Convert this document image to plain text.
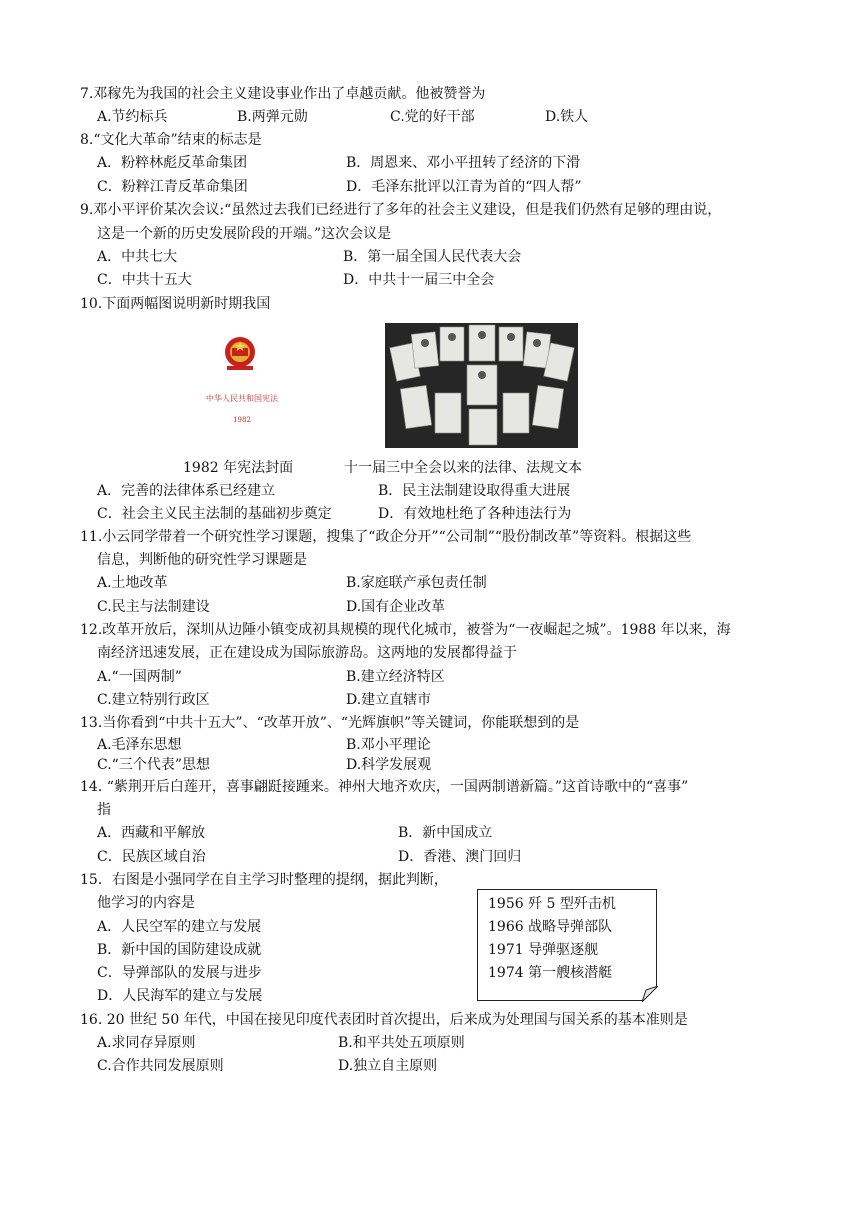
7.邓稼先为我国的社会主义建设事业作出了卓越贡献。他被赞誉为
A.节约标兵	B.两弹元勋	C.党的好干部	D.铁人
8.“文化大革命”结束的标志是
A．粉粹林彪反革命集团	B．周恩来、邓小平扭转了经济的下滑
C．粉粹江青反革命集团	D．毛泽东批评以江青为首的“四人帮”
9.邓小平评价某次会议:“虽然过去我们已经进行了多年的社会主义建设，但是我们仍然有足够的理由说，
这是一个新的历史发展阶段的开端。”这次会议是
A．中共七大	B．第一届全国人民代表大会
C．中共十五大	D．中共十一届三中全会
10.下面两幅图说明新时期我国
中华人民共和国宪法
1982
1982 年宪法封面	十一届三中全会以来的法律、法规文本
A．完善的法律体系已经建立	B．民主法制建设取得重大进展
C．社会主义民主法制的基础初步奠定	D．有效地杜绝了各种违法行为
11.小云同学带着一个研究性学习课题，搜集了“政企分开”“公司制”“股份制改革”等资料。根据这些
信息，判断他的研究性学习课题是
A.土地改革	B.家庭联产承包责任制
C.民主与法制建设	D.国有企业改革
12.改革开放后，深圳从边陲小镇变成初具规模的现代化城市，被誉为“一夜崛起之城”。1988 年以来，海
南经济迅速发展，正在建设成为国际旅游岛。这两地的发展都得益于
A.“一国两制”	B.建立经济特区
C.建立特别行政区	D.建立直辖市
13.当你看到“中共十五大”、“改革开放”、“光辉旗帜”等关键词，你能联想到的是
A.毛泽东思想	B.邓小平理论
C.“三个代表”思想	D.科学发展观
14. “紫荆开后白莲开，喜事翩跹接踵来。神州大地齐欢庆，一国两制谱新篇。”这首诗歌中的“喜事”
指
A．西藏和平解放	B．新中国成立
C．民族区域自治	D．香港、澳门回归
15．右图是小强同学在自主学习时整理的提纲，据此判断，
他学习的内容是
A．人民空军的建立与发展
B．新中国的国防建设成就
C．导弹部队的发展与进步
D．人民海军的建立与发展
1956 歼 5 型歼击机
1966 战略导弹部队
1971 导弹驱逐舰
1974 第一艘核潜艇
16. 20 世纪 50 年代，中国在接见印度代表团时首次提出，后来成为处理国与国关系的基本准则是
A.求同存异原则	B.和平共处五项原则
C.合作共同发展原则	D.独立自主原则
